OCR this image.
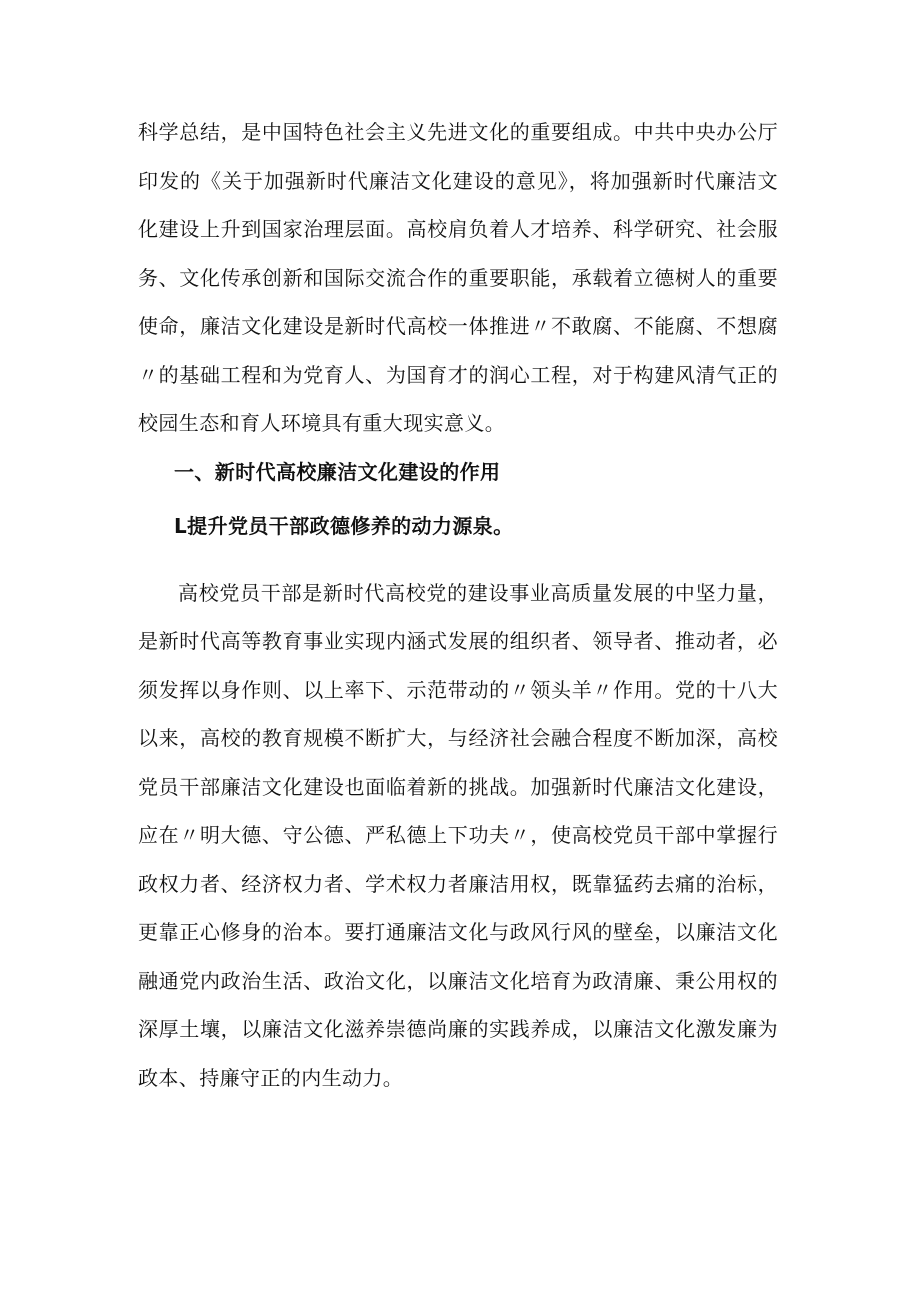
科学总结，是中国特色社会主义先进文化的重要组成。中共中央办公厅印发的《关于加强新时代廉洁文化建设的意见》，将加强新时代廉洁文化建设上升到国家治理层面。高校肩负着人才培养、科学研究、社会服务、文化传承创新和国际交流合作的重要职能，承载着立德树人的重要使命，廉洁文化建设是新时代高校一体推进〃不敢腐、不能腐、不想腐〃的基础工程和为党育人、为国育才的润心工程，对于构建风清气正的校园生态和育人环境具有重大现实意义。

一、新时代高校廉洁文化建设的作用

L提升党员干部政德修养的动力源泉。

高校党员干部是新时代高校党的建设事业高质量发展的中坚力量，是新时代高等教育事业实现内涵式发展的组织者、领导者、推动者，必须发挥以身作则、以上率下、示范带动的〃领头羊〃作用。党的十八大以来，高校的教育规模不断扩大，与经济社会融合程度不断加深，高校党员干部廉洁文化建设也面临着新的挑战。加强新时代廉洁文化建设，应在〃明大德、守公德、严私德上下功夫〃，使高校党员干部中掌握行政权力者、经济权力者、学术权力者廉洁用权，既靠猛药去痛的治标，更靠正心修身的治本。要打通廉洁文化与政风行风的壁垒，以廉洁文化融通党内政治生活、政治文化，以廉洁文化培育为政清廉、秉公用权的深厚土壤，以廉洁文化滋养崇德尚廉的实践养成，以廉洁文化激发廉为政本、持廉守正的内生动力。
